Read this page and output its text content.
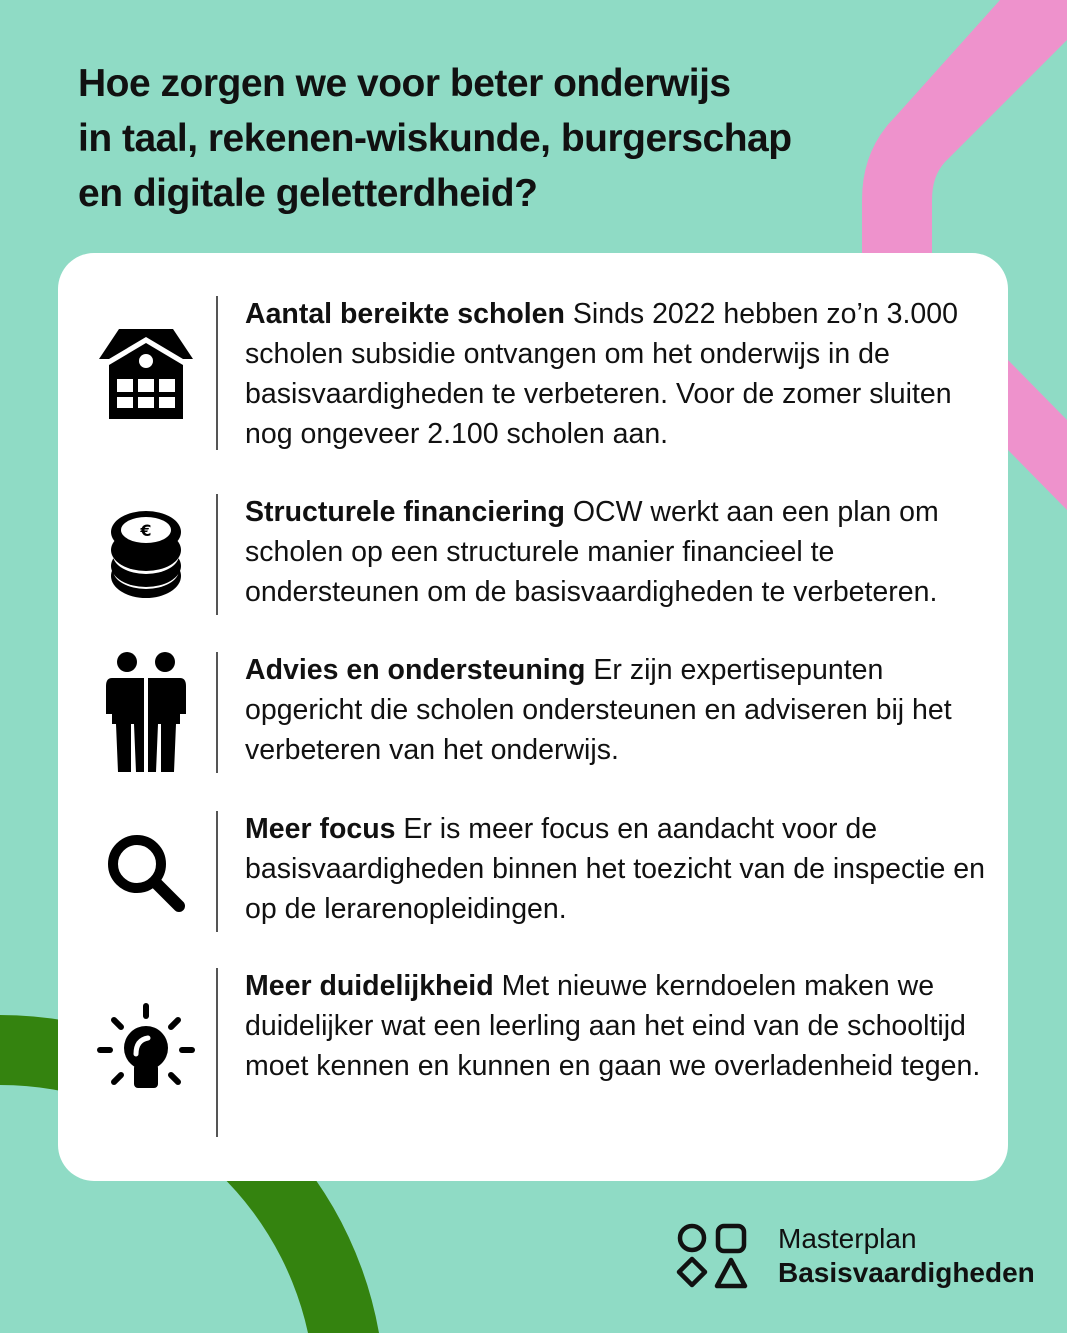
Hoe zorgen we voor beter onderwijs
in taal, rekenen-wiskunde, burgerschap
en digitale geletterdheid?
Aantal bereikte scholen Sinds 2022 hebben zo’n 3.000 scholen subsidie ontvangen om het onderwijs in de basisvaardigheden te verbeteren. Voor de zomer sluiten nog ongeveer 2.100 scholen aan.
€
Structurele financiering OCW werkt aan een plan om scholen op een structurele manier financieel te ondersteunen om de basisvaardigheden te verbeteren.
Advies en ondersteuning Er zijn expertisepunten opgericht die scholen ondersteunen en adviseren bij het verbeteren van het onderwijs.
Meer focus Er is meer focus en aandacht voor de basisvaardigheden binnen het toezicht van de inspectie en op de lerarenopleidingen.
Meer duidelijkheid Met nieuwe kerndoelen maken we duidelijker wat een leerling aan het eind van de schooltijd moet kennen en kunnen en gaan we overladenheid tegen.
Masterplan
Basisvaardigheden
